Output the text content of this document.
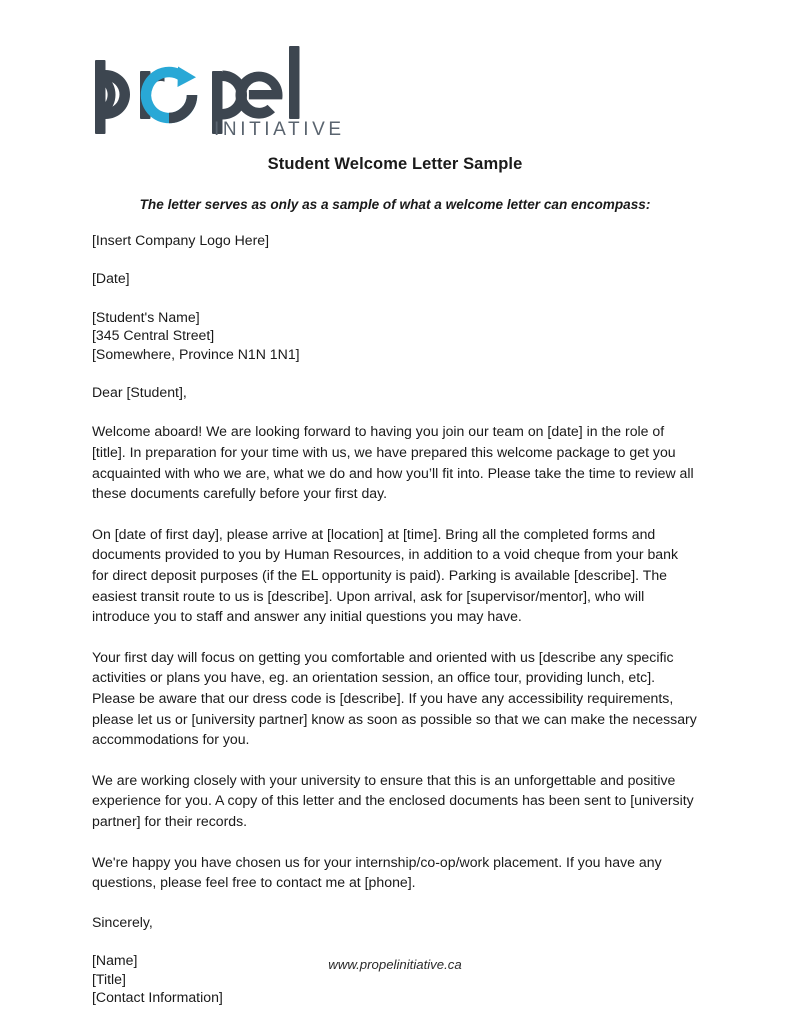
INITIATIVE
Student Welcome Letter Sample
The letter serves as only as a sample of what a welcome letter can encompass:
[Insert Company Logo Here]
[Date]
[Student's Name]
[345 Central Street]
[Somewhere, Province N1N 1N1]
Dear [Student],

Welcome aboard! We are looking forward to having you join our team on [date] in the role of [title]. In preparation for your time with us, we have prepared this welcome package to get you acquainted with who we are, what we do and how you’ll fit into. Please take the time to review all these documents carefully before your first day.

On [date of first day], please arrive at [location] at [time]. Bring all the completed forms and documents provided to you by Human Resources, in addition to a void cheque from your bank for direct deposit purposes (if the EL opportunity is paid). Parking is available [describe]. The easiest transit route to us is [describe]. Upon arrival, ask for [supervisor/mentor], who will introduce you to staff and answer any initial questions you may have.

Your first day will focus on getting you comfortable and oriented with us [describe any specific activities or plans you have, eg. an orientation session, an office tour, providing lunch, etc]. Please be aware that our dress code is [describe]. If you have any accessibility requirements, please let us or [university partner] know as soon as possible so that we can make the necessary accommodations for you.

We are working closely with your university to ensure that this is an unforgettable and positive experience for you. A copy of this letter and the enclosed documents has been sent to [university partner] for their records.

We're happy you have chosen us for your internship/co-op/work placement. If you have any questions, please feel free to contact me at [phone].

Sincerely,
[Name]
[Title]
[Contact Information]
www.propelinitiative.ca
